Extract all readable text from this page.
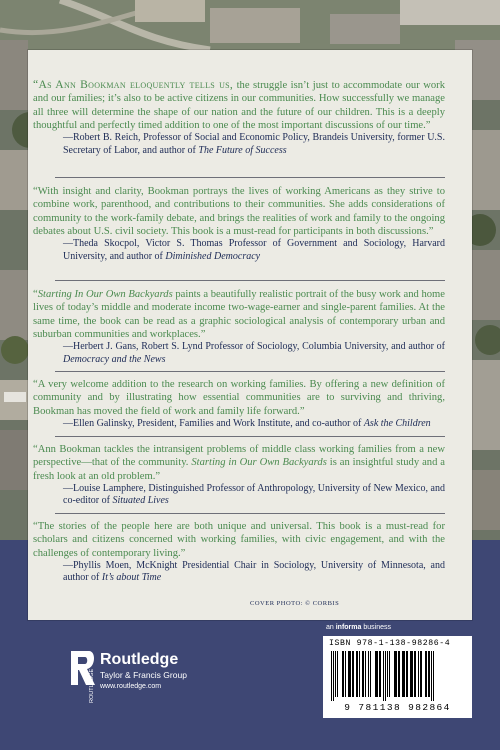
“As Ann Bookman eloquently tells us, the struggle isn’t just to accommodate our work and our families; it’s also to be active citizens in our communities. How successfully we manage all three will determine the shape of our nation and the future of our children. This is a deeply thoughtful and perfectly timed addition to one of the most important discussions of our time.”
—Robert B. Reich, Professor of Social and Economic Policy, Brandeis University, former U.S. Secretary of Labor, and author of The Future of Success
“With insight and clarity, Bookman portrays the lives of working Americans as they strive to combine work, parenthood, and contributions to their communities. She adds considerations of community to the work-family debate, and brings the realities of work and family to the ongoing debates about U.S. civil society. This book is a must-read for participants in both discussions.”
—Theda Skocpol, Victor S. Thomas Professor of Government and Sociology, Harvard University, and author of Diminished Democracy
“Starting In Our Own Backyards paints a beautifully realistic portrait of the busy work and home lives of today’s middle and moderate income two-wage-earner and single-parent families. At the same time, the book can be read as a graphic sociological analysis of contemporary urban and suburban communities and workplaces.”
—Herbert J. Gans, Robert S. Lynd Professor of Sociology, Columbia University, and author of Democracy and the News
“A very welcome addition to the research on working families. By offering a new definition of community and by illustrating how essential communities are to surviving and thriving, Bookman has moved the field of work and family life forward.”
—Ellen Galinsky, President, Families and Work Institute, and co-author of Ask the Children
“Ann Bookman tackles the intransigent problems of middle class working families from a new perspective—that of the community. Starting in Our Own Backyards is an insightful study and a fresh look at an old problem.”
—Louise Lamphere, Distinguished Professor of Anthropology, University of New Mexico, and co-editor of Situated Lives
“The stories of the people here are both unique and universal. This book is a must-read for scholars and citizens concerned with working families, with civic engagement, and with the challenges of contemporary living.”
—Phyllis Moen, McKnight Presidential Chair in Sociology, University of Minnesota, and author of It’s about Time
COVER PHOTO: © CORBIS
an informa business
ISBN 978-1-138-98286-4
9 781138 982864
ROUTLEDGE
Routledge
Taylor & Francis Group
www.routledge.com
